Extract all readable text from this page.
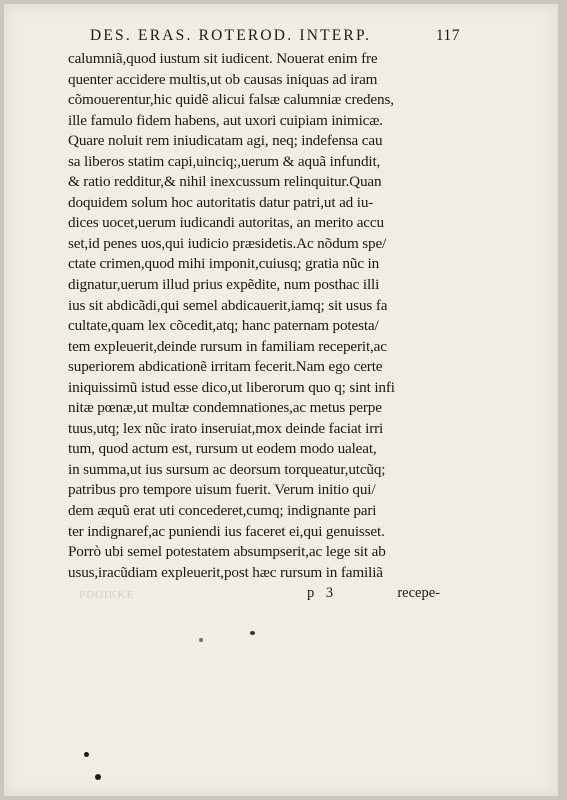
DES. ERAS. ROTEROD. INTERP.	117
calumniã,quod iustum sit iudicent. Nouerat enim fre
quenter accidere multis,ut ob causas iniquas ad iram
cõmouerentur,hic quidẽ alicui falsæ calumniæ credens,
ille famulo fidem habens, aut uxori cuipiam inimicæ.
Quare noluit rem iniudicatam agi, neq; indefensa cau
sa liberos statim capi,uinciq;,uerum & aquã infundit,
& ratio redditur,& nihil inexcussum relinquitur.Quan
doquidem solum hoc autoritatis datur patri,ut ad iu-
dices uocet,uerum iudicandi autoritas, an merito accu
set,id penes uos,qui iudicio præsidetis.Ac nõdum spe/
ctate crimen,quod mihi imponit,cuiusq; gratia nũc in
dignatur,uerum illud prius expẽdite, num posthac illi
ius sit abdicãdi,qui semel abdicauerit,iamq; sit usus fa
cultate,quam lex cõcedit,atq; hanc paternam potesta/
tem expleuerit,deinde rursum in familiam receperit,ac
superiorem abdicationẽ irritam fecerit.Nam ego certe
iniquissimũ istud esse dico,ut liberorum quo q; sint infi
nitæ pœnæ,ut multæ condemnationes,ac metus perpe
tuus,utq; lex nũc irato inseruiat,mox deinde faciat irri
tum, quod actum est, rursum ut eodem modo ualeat,
in summa,ut ius sursum ac deorsum torqueatur,utcũq;
patribus pro tempore uisum fuerit. Verum initio qui/
dem æquũ erat uti concederet,cumq; indignante pari
ter indignaref,ac puniendi ius faceret ei,qui genuisset.
Porrò ubi semel potestatem absumpserit,ac lege sit ab
usus,iracũdiam expleuerit,post hæc rursum in familiã
PDOIKKE	p 3	recepe-
